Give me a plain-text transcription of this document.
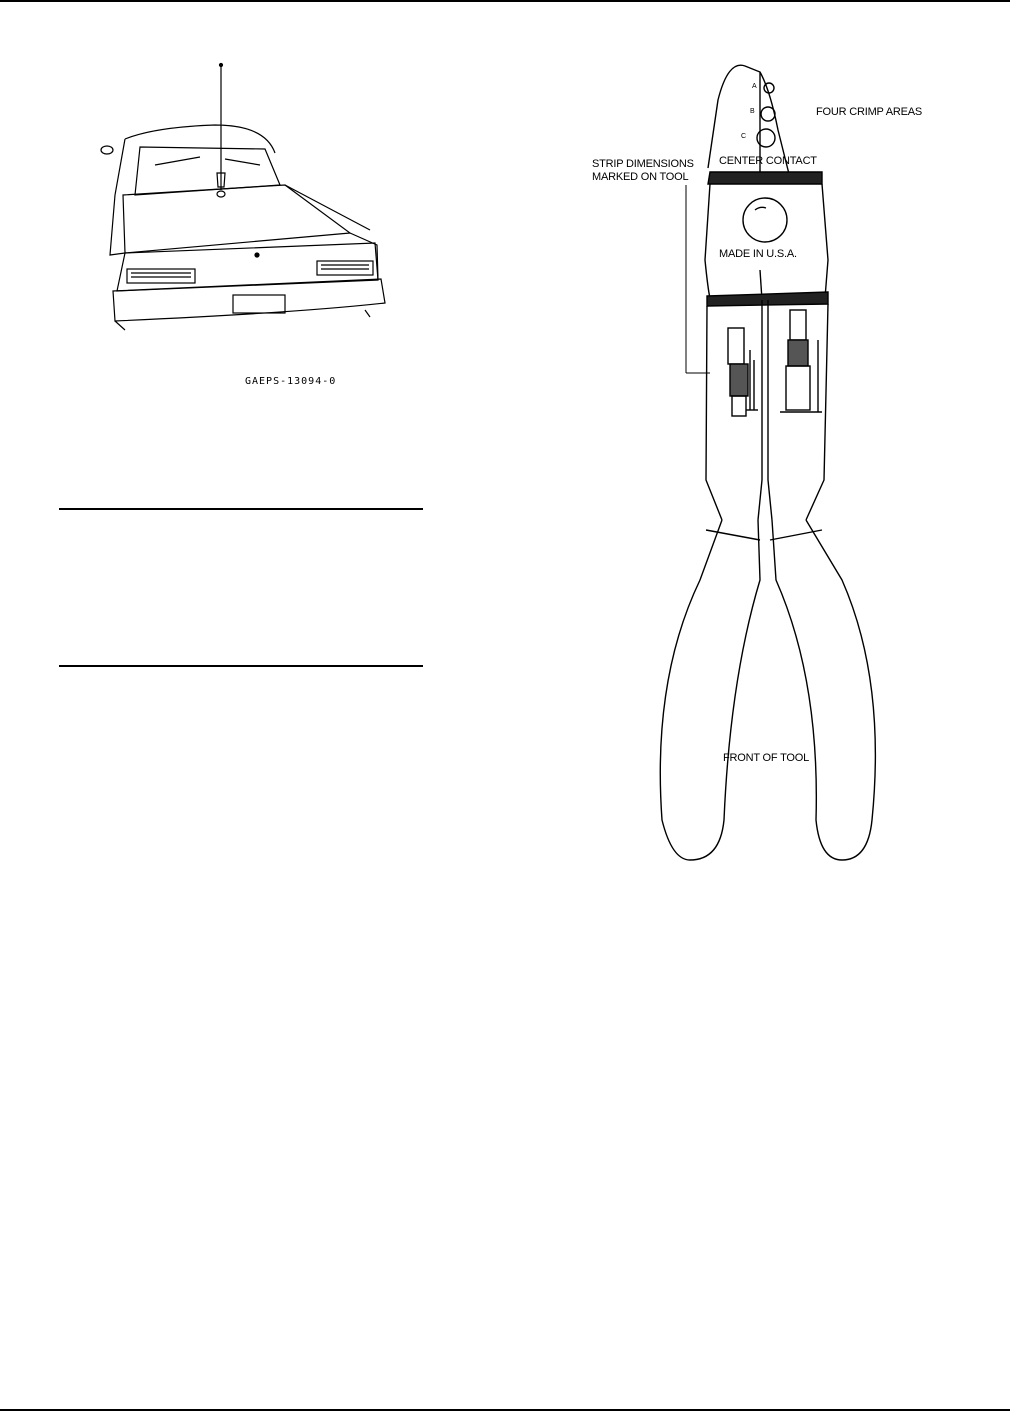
GAEPS-13094-0
A
B
C
FOUR CRIMP AREAS
STRIP DIMENSIONS
MARKED ON TOOL
CENTER CONTACT
MADE IN U.S.A.
FRONT OF TOOL
